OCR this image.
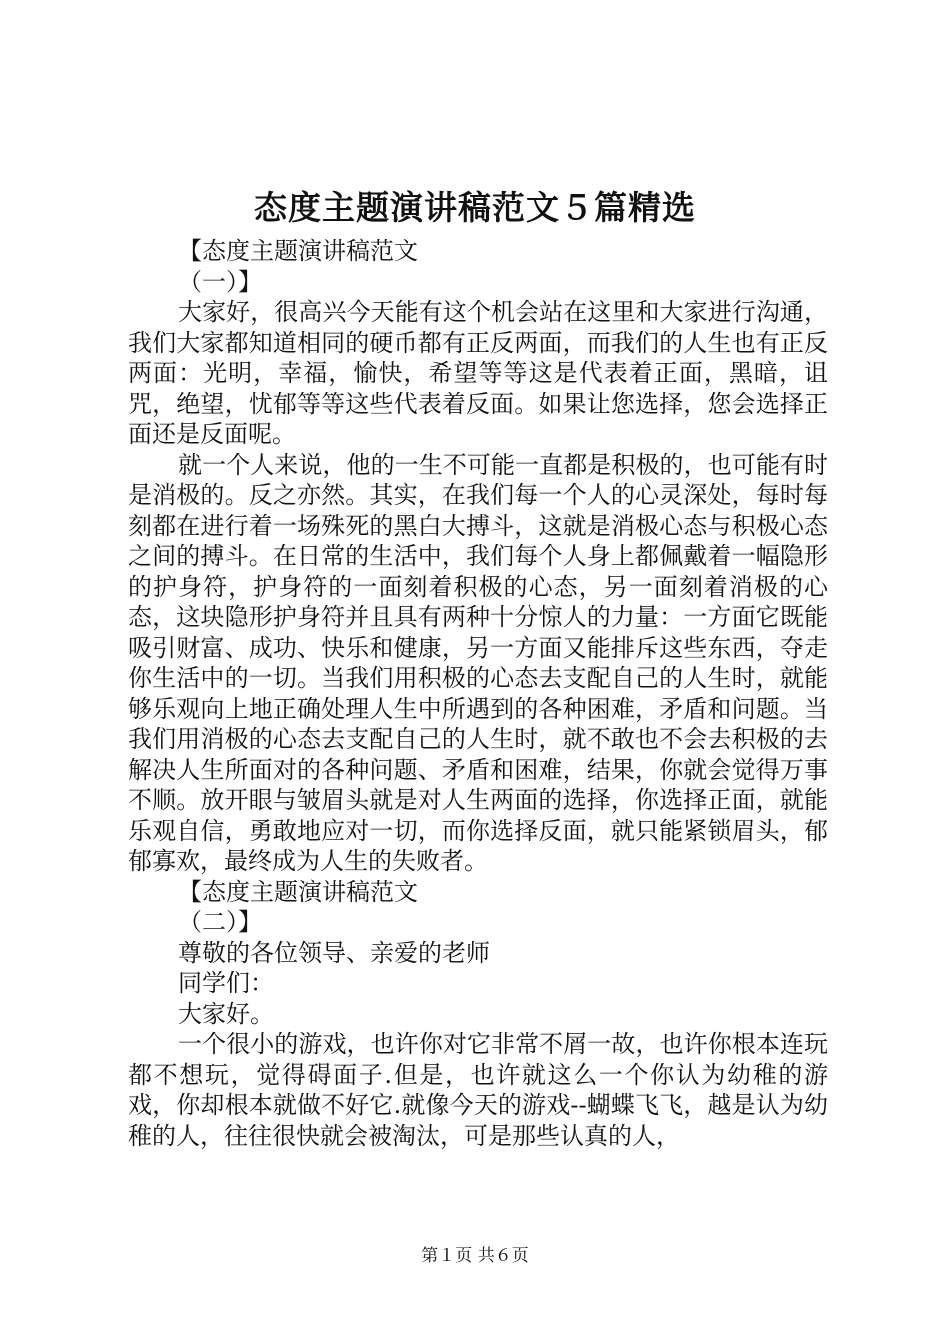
态度主题演讲稿范文５篇精选

【态度主题演讲稿范文

（一）】

大家好，很高兴今天能有这个机会站在这里和大家进行沟通，我们大家都知道相同的硬币都有正反两面，而我们的人生也有正反两面：光明，幸福，愉快，希望等等这是代表着正面，黑暗，诅咒，绝望，忧郁等等这些代表着反面。如果让您选择，您会选择正面还是反面呢。

就一个人来说，他的一生不可能一直都是积极的，也可能有时是消极的。反之亦然。其实，在我们每一个人的心灵深处，每时每刻都在进行着一场殊死的黑白大搏斗，这就是消极心态与积极心态之间的搏斗。在日常的生活中，我们每个人身上都佩戴着一幅隐形的护身符，护身符的一面刻着积极的心态，另一面刻着消极的心态，这块隐形护身符并且具有两种十分惊人的力量：一方面它既能吸引财富、成功、快乐和健康，另一方面又能排斥这些东西，夺走你生活中的一切。当我们用积极的心态去支配自己的人生时，就能够乐观向上地正确处理人生中所遇到的各种困难，矛盾和问题。当我们用消极的心态去支配自己的人生时，就不敢也不会去积极的去解决人生所面对的各种问题、矛盾和困难，结果，你就会觉得万事不顺。放开眼与皱眉头就是对人生两面的选择，你选择正面，就能乐观自信，勇敢地应对一切，而你选择反面，就只能紧锁眉头，郁郁寡欢，最终成为人生的失败者。

【态度主题演讲稿范文

（二）】

尊敬的各位领导、亲爱的老师

同学们：

大家好。

一个很小的游戏，也许你对它非常不屑一故，也许你根本连玩都不想玩，觉得碍面子.但是，也许就这么一个你认为幼稚的游戏，你却根本就做不好它.就像今天的游戏--蝴蝶飞飞，越是认为幼稚的人，往往很快就会被淘汰，可是那些认真的人，

第１页 共６页
